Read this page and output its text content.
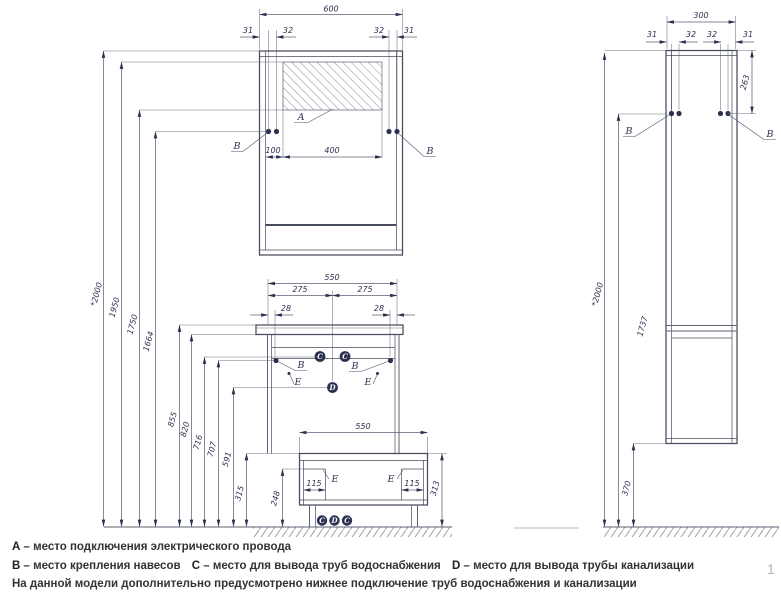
600
31	32	32 31
100	400
A
B	B
*2000
1950
1750
1664
855
820
716 707
591
315	248
550
275	275
28	28
C	C
D
B	B
E	E
550
115	115
E	E
313
C D C
300
31	32 32	31
263
*2000
1737
370
B	B
A – место подключения электрического провода
B – место крепления навесов C – место для вывода труб водоснабжения D – место для вывода трубы канализации
На данной модели дополнительно предусмотрено нижнее подключение труб водоснабжения и канализации
1
